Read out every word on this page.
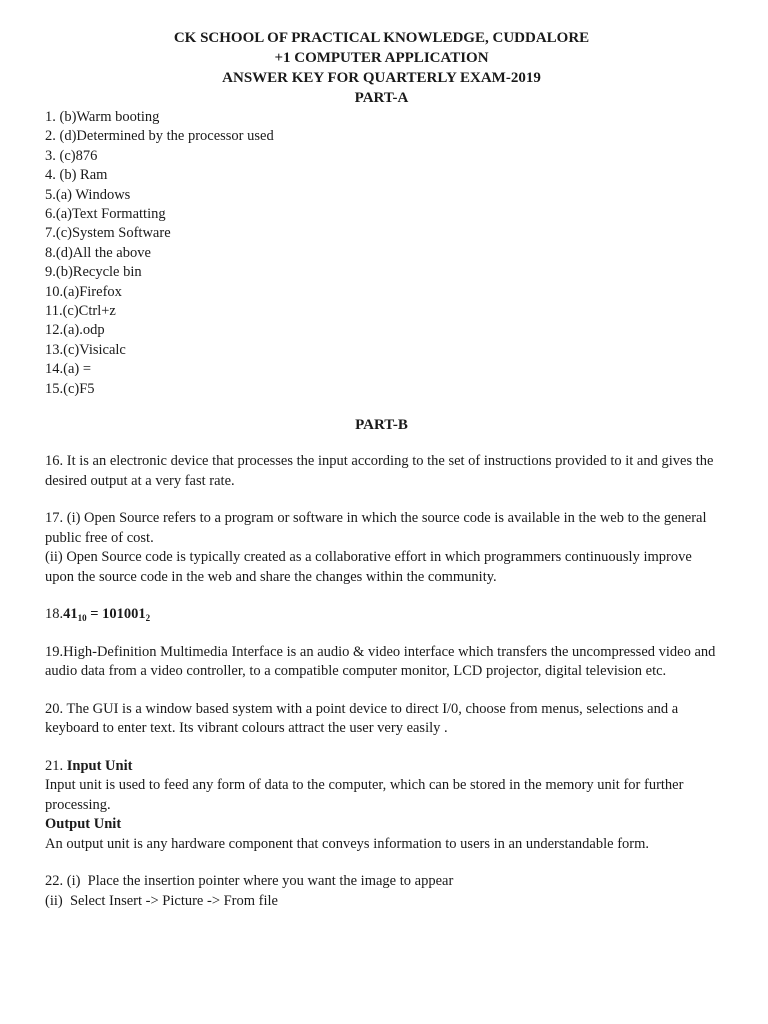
CK SCHOOL OF PRACTICAL KNOWLEDGE, CUDDALORE
+1 COMPUTER APPLICATION
ANSWER KEY FOR QUARTERLY EXAM-2019
PART-A
1. (b)Warm booting
2. (d)Determined by the processor used
3. (c)876
4. (b) Ram
5.(a) Windows
6.(a)Text Formatting
7.(c)System Software
8.(d)All the above
9.(b)Recycle bin
10.(a)Firefox
11.(c)Ctrl+z
12.(a).odp
13.(c)Visicalc
14.(a) =
15.(c)F5
PART-B

16. It is an electronic device that processes the input according to the set of instructions provided to it and gives the desired output at a very fast rate.

17. (i) Open Source refers to a program or software in which the source code is available in the web to the general public free of cost.

(ii) Open Source code is typically created as a collaborative effort in which programmers continuously improve upon the source code in the web and share the changes within the community.

$18.41_{10} = 101001_2$

19.High-Definition Multimedia Interface is an audio & video interface which transfers the uncompressed video and audio data from a video controller, to a compatible computer monitor, LCD projector, digital television etc.

20. The GUI is a window based system with a point device to direct I/0, choose from menus, selections and a keyboard to enter text. Its vibrant colours attract the user very easily .

21. Input Unit

Input unit is used to feed any form of data to the computer, which can be stored in the memory unit for further processing.

Output Unit

An output unit is any hardware component that conveys information to users in an understandable form.

22. (i)  Place the insertion pointer where you want the image to appear

(ii)  Select Insert -> Picture -> From file
